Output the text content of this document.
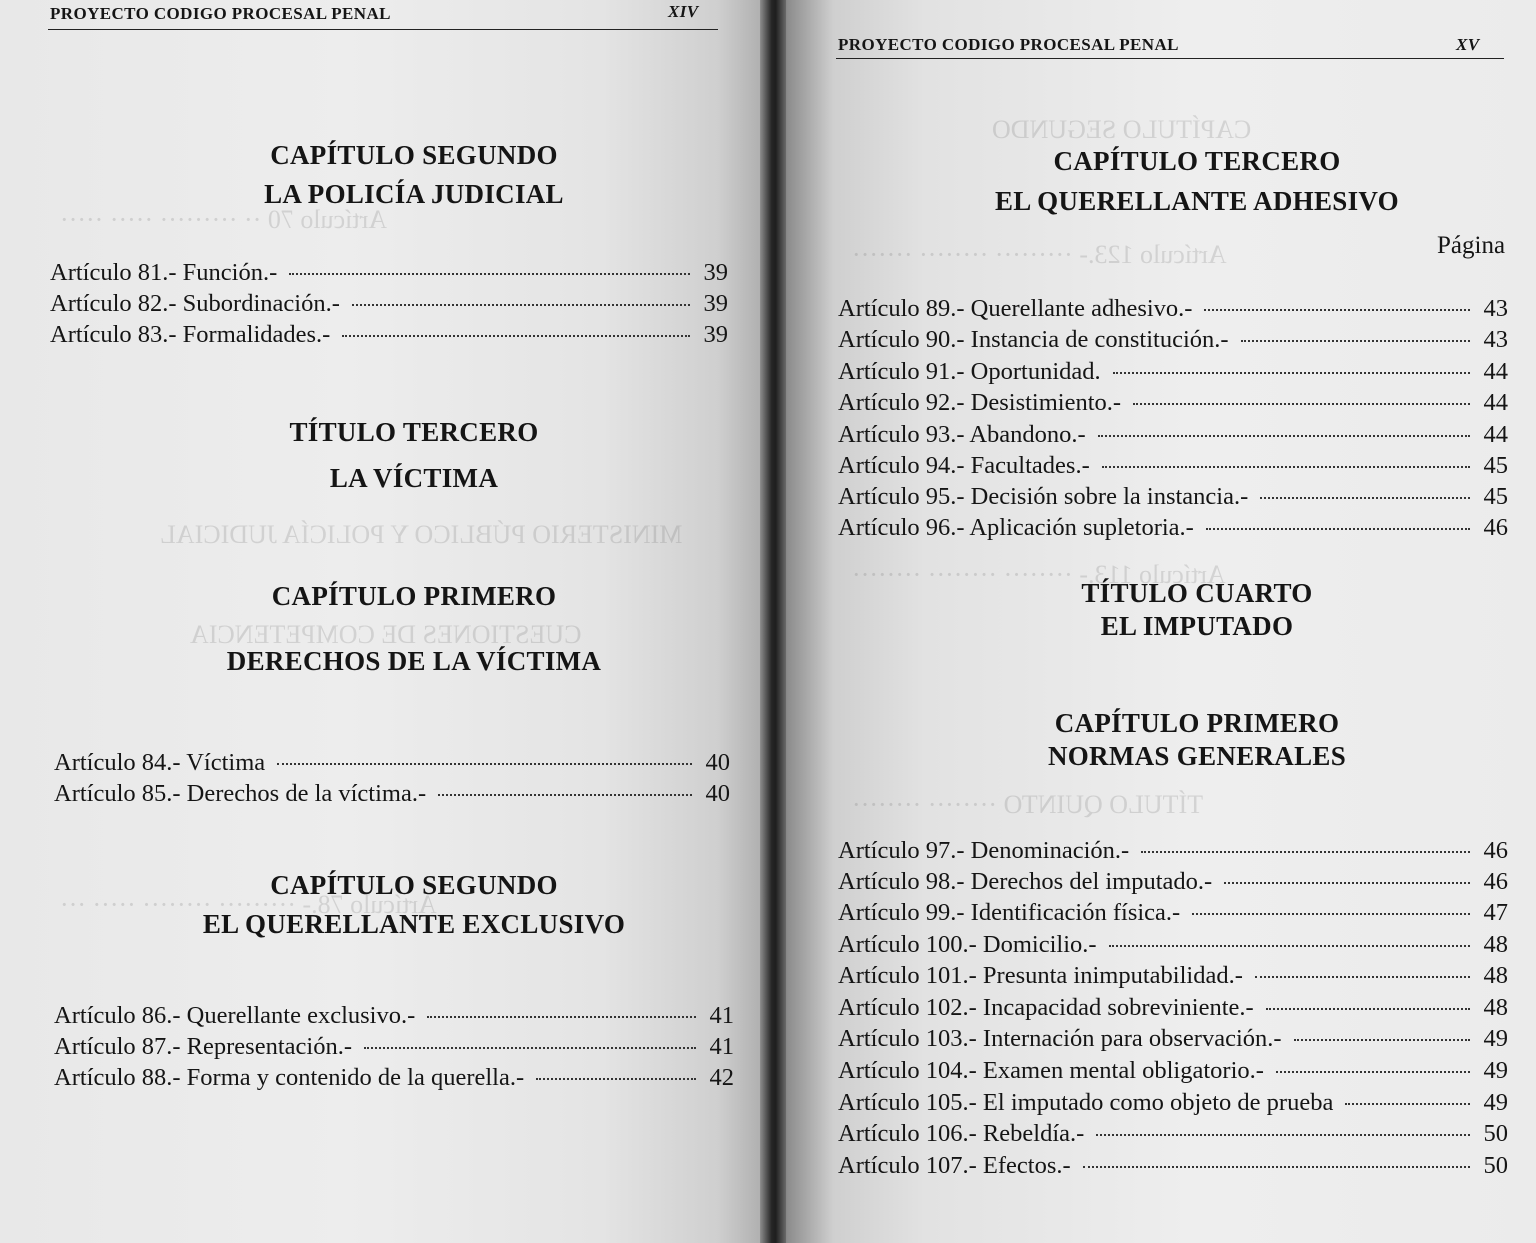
Artículo 70 ·· ········· ····· ·····
MINISTERIO PÚBLICO Y POLICÍA JUDICIAL
CUESTIONES DE COMPETENCIA
Artículo 78.- ········· ········ ····· ···
PROYECTO CODIGO PROCESAL PENAL	XIV
CAPÍTULO SEGUNDO
LA POLICÍA JUDICIAL
Artículo 81.- Función.-	39
Artículo 82.- Subordinación.-	39
Artículo 83.- Formalidades.-	39
TÍTULO TERCERO
LA VÍCTIMA
CAPÍTULO PRIMERO
DERECHOS DE LA VÍCTIMA
Artículo 84.- Víctima	40
Artículo 85.- Derechos de la víctima.-	40
CAPÍTULO SEGUNDO
EL QUERELLANTE EXCLUSIVO
Artículo 86.- Querellante exclusivo.-	41
Artículo 87.- Representación.-	41
Artículo 88.- Forma y contenido de la querella.-	42
CAPÍTULO SEGUNDO
Artículo 123.- ········· ········ ·······
Artículo 113.- ········ ········ ········
TÍTULO QUINTO ········ ········
PROYECTO CODIGO PROCESAL PENAL	XV
CAPÍTULO TERCERO
EL QUERELLANTE ADHESIVO
Página
Artículo 89.- Querellante adhesivo.-	43
Artículo 90.- Instancia de constitución.-	43
Artículo 91.- Oportunidad.	44
Artículo 92.- Desistimiento.-	44
Artículo 93.- Abandono.-	44
Artículo 94.- Facultades.-	45
Artículo 95.- Decisión sobre la instancia.-	45
Artículo 96.- Aplicación supletoria.-	46
TÍTULO CUARTO
EL IMPUTADO
CAPÍTULO PRIMERO
NORMAS GENERALES
Artículo 97.- Denominación.-	46
Artículo 98.- Derechos del imputado.-	46
Artículo 99.- Identificación física.-	47
Artículo 100.- Domicilio.-	48
Artículo 101.- Presunta inimputabilidad.-	48
Artículo 102.- Incapacidad sobreviniente.-	48
Artículo 103.- Internación para observación.-	49
Artículo 104.- Examen mental obligatorio.-	49
Artículo 105.- El imputado como objeto de prueba	49
Artículo 106.- Rebeldía.-	50
Artículo 107.- Efectos.-	50
